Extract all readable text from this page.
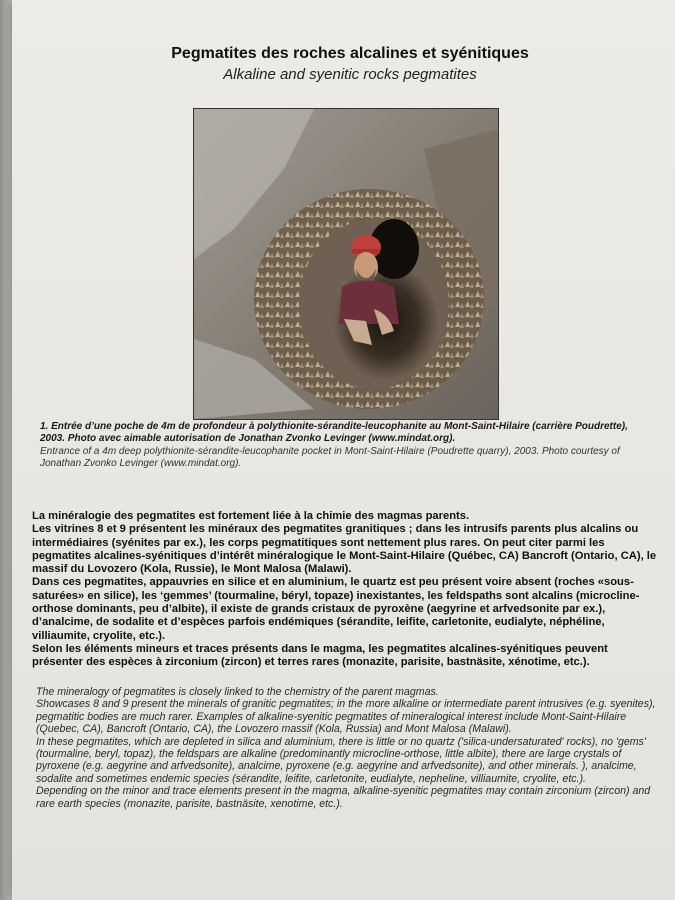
Pegmatites des roches alcalines et syénitiques
Alkaline and syenitic rocks pegmatites

1. Entrée d’une poche de 4m de profondeur à polythionite-sérandite-leucophanite au Mont-Saint-Hilaire (carrière Poudrette), 2003. Photo avec aimable autorisation de Jonathan Zvonko Levinger (www.mindat.org).

Entrance of a 4m deep polythionite-sérandite-leucophanite pocket in Mont-Saint-Hilaire (Poudrette quarry), 2003. Photo courtesy of Jonathan Zvonko Levinger (www.mindat.org).

La minéralogie des pegmatites est fortement liée à la chimie des magmas parents.

Les vitrines 8 et 9 présentent les minéraux des pegmatites granitiques ; dans les intrusifs parents plus alcalins ou intermédiaires (syénites par ex.), les corps pegmatitiques sont nettement plus rares. On peut citer parmi les pegmatites alcalines-syénitiques d’intérêt minéralogique le Mont-Saint-Hilaire (Québec, CA) Bancroft (Ontario, CA), le massif du Lovozero (Kola, Russie), le Mont Malosa (Malawi).

Dans ces pegmatites, appauvries en silice et en aluminium, le quartz est peu présent voire absent (roches «sous-saturées» en silice), les ‘gemmes’ (tourmaline, béryl, topaze) inexistantes, les feldspaths sont alcalins (microcline-orthose dominants, peu d’albite), il existe de grands cristaux de pyroxène (aegyrine et arfvedsonite par ex.), d’analcime, de sodalite et d’espèces parfois endémiques (sérandite, leifite, carletonite, eudialyte, néphéline, villiaumite, cryolite, etc.).

Selon les éléments mineurs et traces présents dans le magma, les pegmatites alcalines-syénitiques peuvent présenter des espèces à zirconium (zircon) et terres rares (monazite, parisite, bastnäsite, xénotime, etc.).

The mineralogy of pegmatites is closely linked to the chemistry of the parent magmas.

Showcases 8 and 9 present the minerals of granitic pegmatites; in the more alkaline or intermediate parent intrusives (e.g. syenites), pegmatitic bodies are much rarer. Examples of alkaline-syenitic pegmatites of mineralogical interest include Mont-Saint-Hilaire (Quebec, CA), Bancroft (Ontario, CA), the Lovozero massif (Kola, Russia) and Mont Malosa (Malawi).

In these pegmatites, which are depleted in silica and aluminium, there is little or no quartz ('silica-undersaturated' rocks), no 'gems' (tourmaline, beryl, topaz), the feldspars are alkaline (predominantly microcline-orthose, little albite), there are large crystals of pyroxene (e.g. aegyrine and arfvedsonite), analcime, pyroxene (e.g. aegyrine and arfvedsonite), and other minerals. ), analcime, sodalite and sometimes endemic species (sérandite, leifite, carletonite, eudialyte, nepheline, villiaumite, cryolite, etc.).

Depending on the minor and trace elements present in the magma, alkaline-syenitic pegmatites may contain zirconium (zircon) and rare earth species (monazite, parisite, bastnäsite, xenotime, etc.).
